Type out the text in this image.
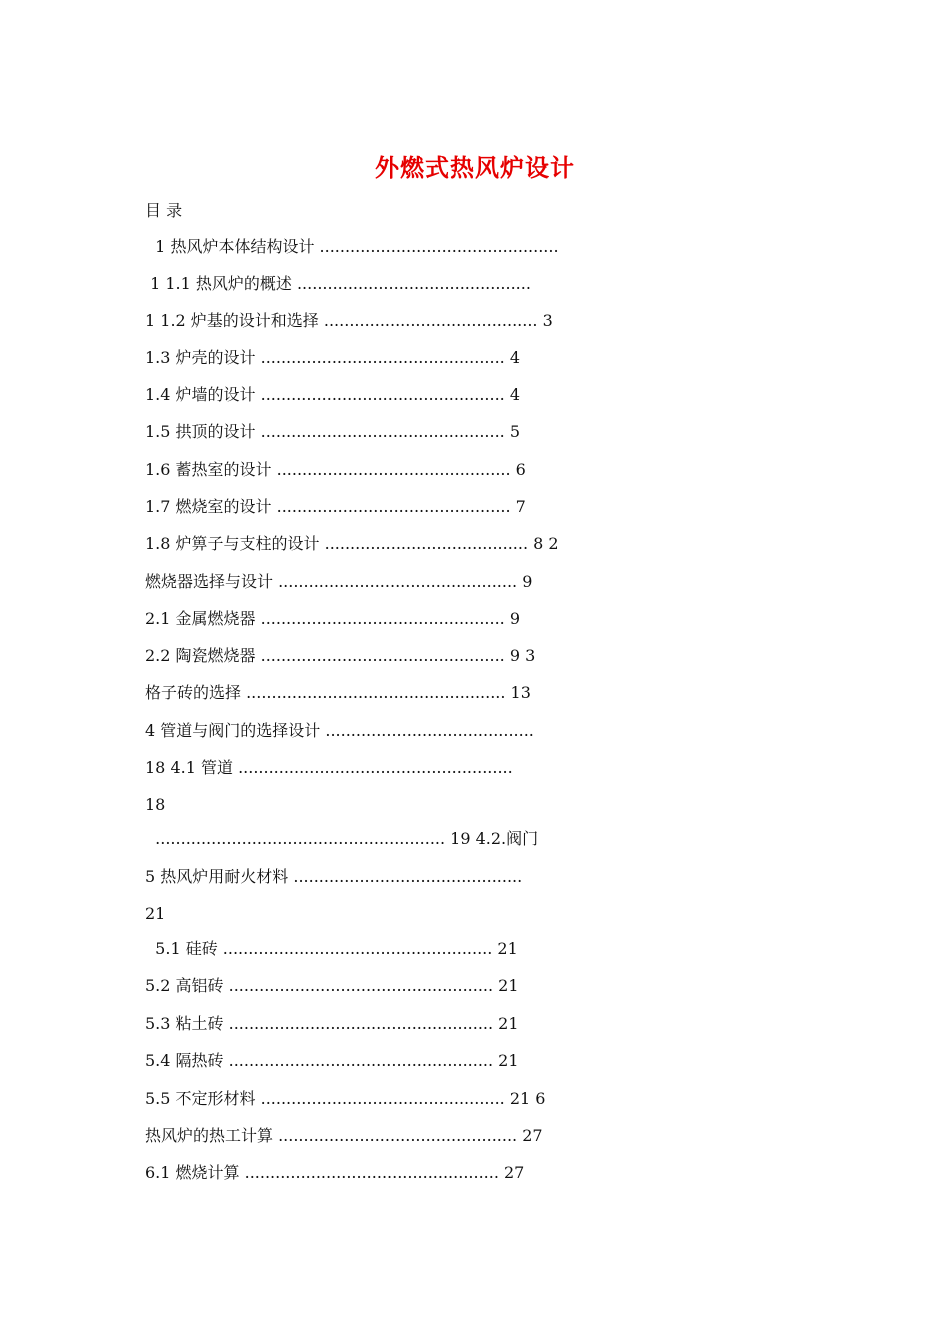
外燃式热风炉设计
目 录
1 热风炉本体结构设计 ...............................................
1 1.1 热风炉的概述 ..............................................
1 1.2 炉基的设计和选择 .......................................... 3
1.3 炉壳的设计 ................................................ 4
1.4 炉墙的设计 ................................................ 4
1.5 拱顶的设计 ................................................ 5
1.6 蓄热室的设计 .............................................. 6
1.7 燃烧室的设计 .............................................. 7
1.8 炉箅子与支柱的设计 ........................................ 8 2
燃烧器选择与设计 ............................................... 9
2.1 金属燃烧器 ................................................ 9
2.2 陶瓷燃烧器 ................................................ 9 3
格子砖的选择 ................................................... 13
4 管道与阀门的选择设计 .........................................
18 4.1 管道 ......................................................
18
......................................................... 19 4.2.阀门
5 热风炉用耐火材料 .............................................
21
5.1 硅砖 ..................................................... 21
5.2 高铝砖 .................................................... 21
5.3 粘土砖 .................................................... 21
5.4 隔热砖 .................................................... 21
5.5 不定形材料 ................................................ 21 6
热风炉的热工计算 ............................................... 27
6.1 燃烧计算 .................................................. 27
